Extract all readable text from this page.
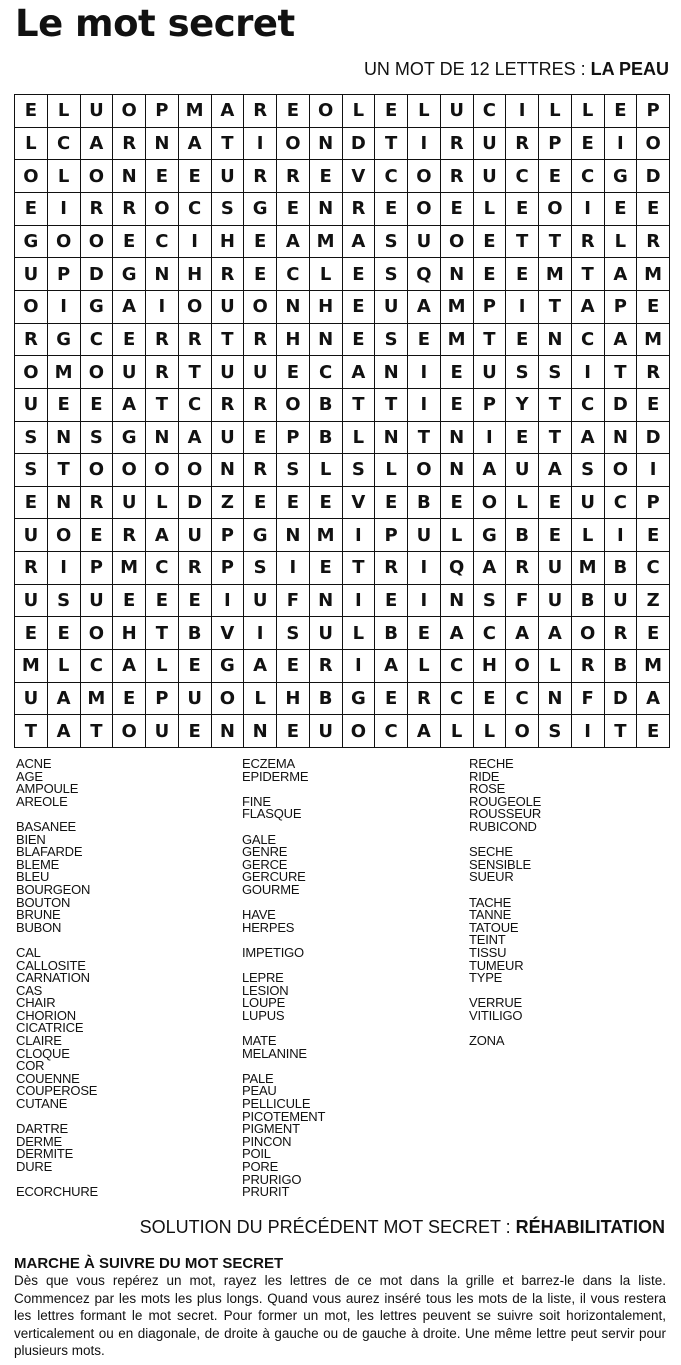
Le mot secret
UN MOT DE 12 LETTRES : LA PEAU
E	L	U O	P M A	R	E	O	L	E	L	U	C	I	L	L	E	P
L	C	A	R	N	A	T	I	O N D	T	I	R	U	R	P	E	I	O
O	L	O N	E	E	U	R	R	E	V	C	O	R	U	C	E	C	G D
E	I	R	R	O	C	S	G	E	N	R	E	O	E	L	E	O	I	E	E
G O O	E	C	I	H	E	A M A	S	U O	E	T	T	R	L	R
U	P	D G N H	R	E	C	L	E	S	Q N	E	E M T	A M
O	I	G	A	I	O U O N H	E	U	A M P	I	T	A	P	E
R	G	C	E	R	R	T	R	H N	E	S	E M T	E	N	C	A M
O M O U	R	T	U	U	E	C	A	N	I	E	U	S	S	I	T	R
U	E	E	A	T	C	R	R	O	B	T	T	I	E	P	Y	T	C	D	E
S	N	S	G N	A	U	E	P	B	L	N	T	N	I	E	T	A	N D
S	T	O O O O N	R	S	L	S	L	O N	A	U	A	S	O	I
E	N	R	U	L	D	Z	E	E	E	V	E	B	E	O	L	E	U	C	P
U O	E	R	A	U	P	G N M	I	P	U	L	G	B	E	L	I	E
R	I	P M C	R	P	S	I	E	T	R	I	Q	A	R	U M B	C
U	S	U	E	E	E	I	U	F	N	I	E	I	N	S	F	U	B	U	Z
E	E	O H	T	B	V	I	S	U	L	B	E	A	C	A	A	O	R	E
M	L	C	A	L	E	G	A	E	R	I	A	L	C	H O	L	R	B M
U	A M E	P	U O	L	H	B	G	E	R	C	E	C	N	F	D	A
T	A	T	O U	E	N N	E	U O	C	A	L	L	O	S	I	T	E
ACNE
AGE
AMPOULE
AREOLE
BASANEE
BIEN
BLAFARDE
BLEME
BLEU
BOURGEON
BOUTON
BRUNE
BUBON
CAL
CALLOSITE
CARNATION
CAS
CHAIR
CHORION
CICATRICE
CLAIRE
CLOQUE
COR
COUENNE
COUPEROSE
CUTANE
DARTRE
DERME
DERMITE
DURE
ECORCHURE
ECZEMA
EPIDERME
FINE
FLASQUE
GALE
GENRE
GERCE
GERCURE
GOURME
HAVE
HERPES
IMPETIGO
LEPRE
LESION
LOUPE
LUPUS
MATE
MELANINE
PALE
PEAU
PELLICULE
PICOTEMENT
PIGMENT
PINCON
POIL
PORE
PRURIGO
PRURIT
RECHE
RIDE
ROSE
ROUGEOLE
ROUSSEUR
RUBICOND
SECHE
SENSIBLE
SUEUR
TACHE
TANNE
TATOUE
TEINT
TISSU
TUMEUR
TYPE
VERRUE
VITILIGO
ZONA
SOLUTION DU PRÉCÉDENT MOT SECRET : RÉHABILITATION
MARCHE À SUIVRE DU MOT SECRET
Dès que vous repérez un mot, rayez les lettres de ce mot dans la grille et barrez-le dans la liste. Commencez par les mots les plus longs. Quand vous aurez inséré tous les mots de la liste, il vous restera les lettres formant le mot secret. Pour former un mot, les lettres peuvent se suivre soit horizontalement, verticalement ou en diagonale, de droite à gauche ou de gauche à droite. Une même lettre peut servir pour plusieurs mots.
